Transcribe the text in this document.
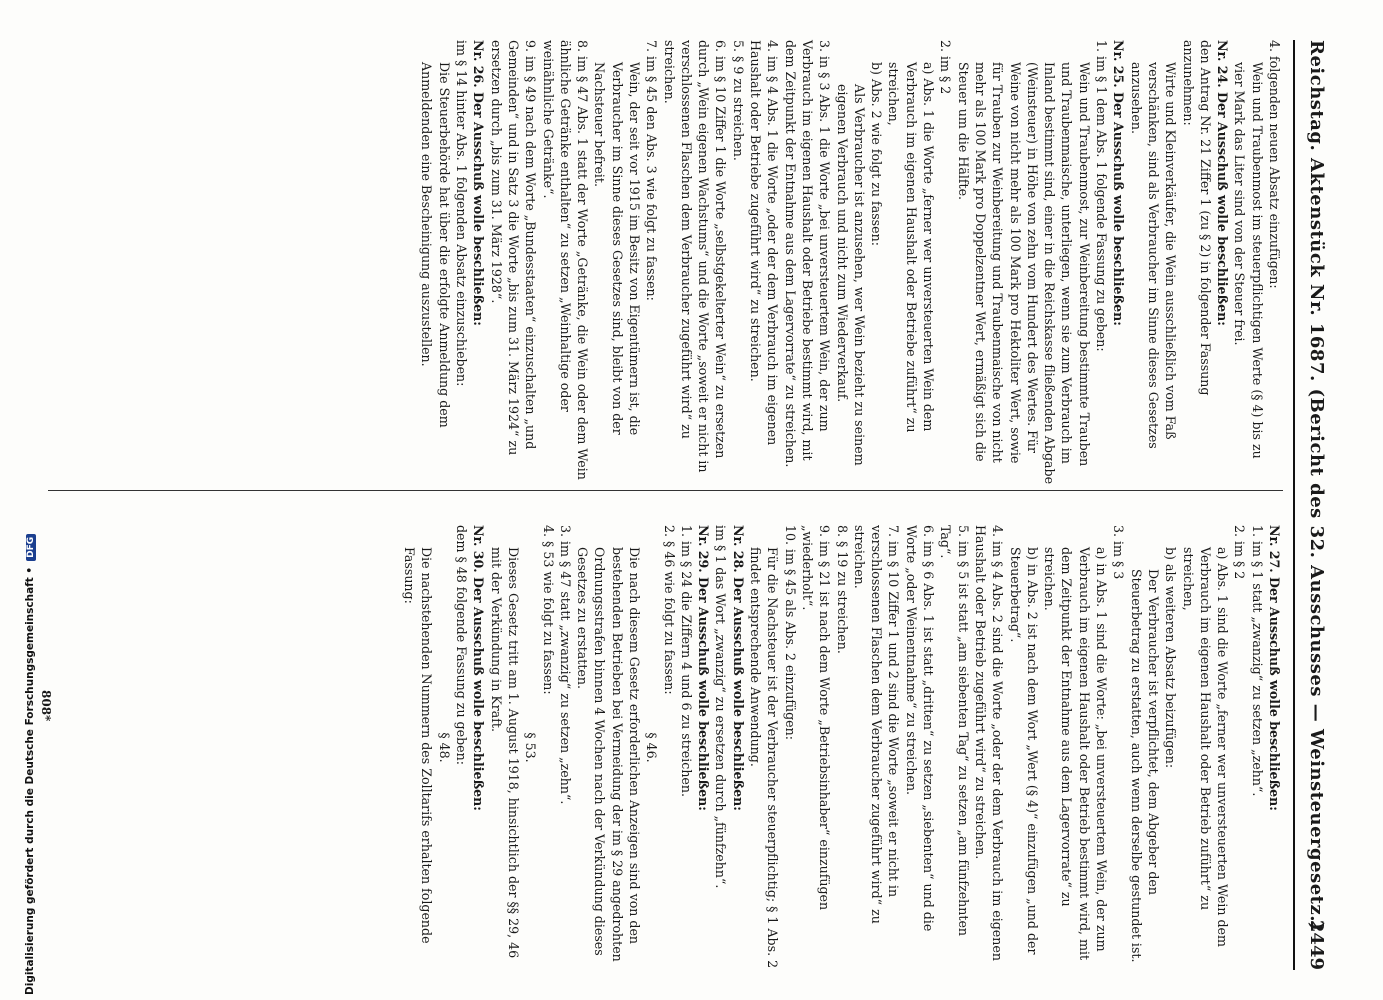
Reichstag. Aktenstück Nr. 1687. (Bericht des 32. Ausschusses — Weinsteuergesetz.)
2449

4. folgenden neuen Absatz einzufügen:

Wein und Traubenmost im steuerpflichtigen Werte (§ 4) bis zu vier Mark das Liter sind von der Steuer frei.

Nr. 24. Der Ausschuß wolle beschließen:

den Antrag Nr. 21 Ziffer 1 (zu § 2) in folgender Fassung anzunehmen:

Wirte und Kleinverkäufer, die Wein ausschließlich vom Faß verschänken, sind als Verbraucher im Sinne dieses Gesetzes anzusehen.

Nr. 25. Der Ausschuß wolle beschließen:

1. im § 1 dem Abs. 1 folgende Fassung zu geben:

Wein und Traubenmost, zur Weinbereitung bestimmte Trauben und Traubenmaische, unterliegen, wenn sie zum Verbrauch im Inland bestimmt sind, einer in die Reichskasse fließenden Abgabe (Weinsteuer) in Höhe von zehn vom Hundert des Wertes. Für Weine von nicht mehr als 100 Mark pro Hektoliter Wert, sowie für Trauben zur Weinbereitung und Traubenmaische von nicht mehr als 100 Mark pro Doppelzentner Wert, ermäßigt sich die Steuer um die Hälfte.

2. im § 2

a) Abs. 1 die Worte „ferner wer unversteuerten Wein dem Verbrauch im eigenen Haushalt oder Betriebe zuführt“ zu streichen,

b) Abs. 2 wie folgt zu fassen:

Als Verbraucher ist anzusehen, wer Wein bezieht zu seinem eigenen Verbrauch und nicht zum Wiederverkauf.

3. in § 3 Abs. 1 die Worte „bei unversteuertem Wein, der zum Verbrauch im eigenen Haushalt oder Betriebe bestimmt wird, mit dem Zeitpunkt der Entnahme aus dem Lagervorrate“ zu streichen.

4. im § 4 Abs. 1 die Worte „oder der dem Verbrauch im eigenen Haushalt oder Betriebe zugeführt wird“ zu streichen.

5. § 9 zu streichen.

6. im § 10 Ziffer 1 die Worte „selbstgekelterter Wein“ zu ersetzen durch „Wein eigenen Wachstums“ und die Worte „soweit er nicht in verschlossenen Flaschen dem Verbraucher zugeführt wird“ zu streichen.

7. im § 45 den Abs. 3 wie folgt zu fassen:

Wein, der seit vor 1915 im Besitz von Eigentümern ist, die Verbraucher im Sinne dieses Gesetzes sind, bleibt von der Nachsteuer befreit.

8. im § 47 Abs. 1 statt der Worte „Getränke, die Wein oder dem Wein ähnliche Getränke enthalten“ zu setzen „Weinhaltige oder weinähnliche Getränke“.

9. im § 49 nach dem Worte „Bundesstaaten“ einzuschalten „und Gemeinden“ und in Satz 3 die Worte „bis zum 31. März 1924“ zu ersetzen durch „bis zum 31. März 1928“.

Nr. 26. Der Ausschuß wolle beschließen:

im § 14 hinter Abs. 1 folgenden Absatz einzuschieben:

Die Steuerbehörde hat über die erfolgte Anmeldung dem Anmeldenden eine Bescheinigung auszustellen.

Nr. 27. Der Ausschuß wolle beschließen:

1. im § 1 statt „zwanzig“ zu setzen „zehn“.

2. im § 2

a) Abs. 1 sind die Worte „ferner wer unversteuerten Wein dem Verbrauch im eigenen Haushalt oder Betrieb zuführt“ zu streichen,

b) als weiteren Absatz beizufügen:

Der Verbraucher ist verpflichtet, dem Abgeber den Steuerbetrag zu erstatten, auch wenn derselbe gestundet ist.

3. im § 3

a) in Abs. 1 sind die Worte: „bei unversteuertem Wein, der zum Verbrauch im eigenen Haushalt oder Betrieb bestimmt wird, mit dem Zeitpunkt der Entnahme aus dem Lagervorrate“ zu streichen.

b) in Abs. 2 ist nach dem Wort „Wert (§ 4)“ einzufügen „und der Steuerbetrag“.

4. im § 4 Abs. 2 sind die Worte „oder der dem Verbrauch im eigenen Haushalt oder Betrieb zugeführt wird“ zu streichen.

5. im § 5 ist statt „am siebenten Tag“ zu setzen „am fünfzehnten Tag“.

6. im § 6 Abs. 1 ist statt „dritten“ zu setzen „siebenten“ und die Worte „oder Weinentnahme“ zu streichen.

7. im § 10 Ziffer 1 und 2 sind die Worte „soweit er nicht in verschlossenen Flaschen dem Verbraucher zugeführt wird“ zu streichen.

8. § 19 zu streichen.

9. im § 21 ist nach dem Worte „Betriebsinhaber“ einzufügen „wiederholt“.

10. im § 45 als Abs. 2 einzufügen:

Für die Nachsteuer ist der Verbraucher steuerpflichtig; § 1 Abs. 2 findet entsprechende Anwendung.

Nr. 28. Der Ausschuß wolle beschließen:

im § 1 das Wort „zwanzig“ zu ersetzen durch „fünfzehn“.

Nr. 29. Der Ausschuß wolle beschließen:

1. im § 24 die Ziffern 4 und 6 zu streichen.

2. § 46 wie folgt zu fassen:

§ 46.

Die nach diesem Gesetz erforderlichen Anzeigen sind von den bestehenden Betrieben bei Vermeidung der im § 29 angedrohten Ordnungsstrafen binnen 4 Wochen nach der Verkündung dieses Gesetzes zu erstatten.

3. im § 47 statt „zwanzig“ zu setzen „zehn“.

4. § 53 wie folgt zu fassen:

§ 53.

Dieses Gesetz tritt am 1. August 1918, hinsichtlich der §§ 29, 46 mit der Verkündung in Kraft.

Nr. 30. Der Ausschuß wolle beschließen:

dem § 48 folgende Fassung zu geben:

§ 48.

Die nachstehenden Nummern des Zolltarifs erhalten folgende Fassung:

808*
Digitalisierung gefördert durch die Deutsche Forschungsgemeinschaft •DFG
